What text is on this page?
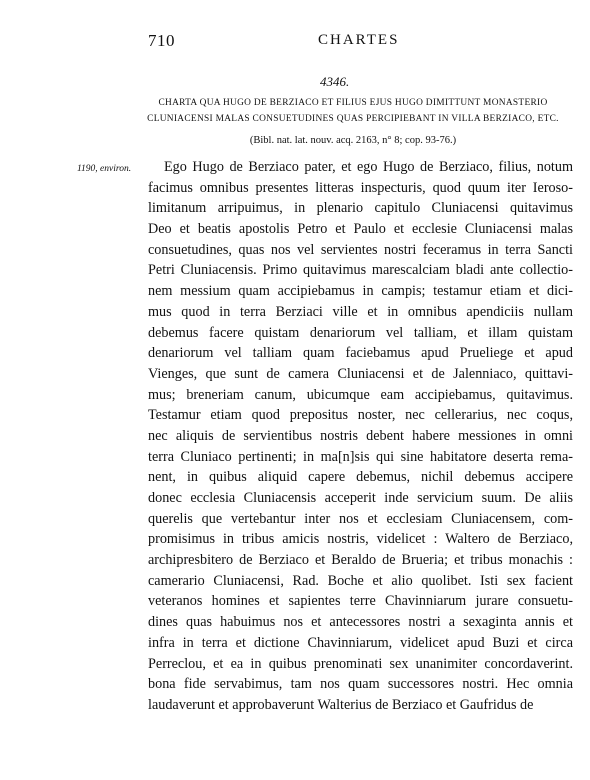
710	CHARTES
4346.
CHARTA QUA HUGO DE BERZIACO ET FILIUS EJUS HUGO DIMITTUNT MONASTERIO
CLUNIACENSI MALAS CONSUETUDINES QUAS PERCIPIEBANT IN VILLA BERZIACO, ETC.
(Bibl. nat. lat. nouv. acq. 2163, n° 8; cop. 93-76.)
1190, environ.	Ego Hugo de Berziaco pater, et ego Hugo de Berziaco, filius, notum
facimus omnibus presentes litteras inspecturis, quod quum iter Ieroso-
limitanum arripuimus, in plenario capitulo Cluniacensi quitavimus
Deo et beatis apostolis Petro et Paulo et ecclesie Cluniacensi malas
consuetudines, quas nos vel servientes nostri feceramus in terra Sancti
Petri Cluniacensis. Primo quitavimus marescalciam bladi ante collectio-
nem messium quam accipiebamus in campis; testamur etiam et dici-
mus quod in terra Berziaci ville et in omnibus apendiciis nullam
debemus facere quistam denariorum vel talliam, et illam quistam
denariorum vel talliam quam faciebamus apud Prueliege et apud
Vienges, que sunt de camera Cluniacensi et de Jalenniaco, quittavi-
mus; breneriam canum, ubicumque eam accipiebamus, quitavimus.
Testamur etiam quod prepositus noster, nec cellerarius, nec coqus,
nec aliquis de servientibus nostris debent habere messiones in omni
terra Cluniaco pertinenti; in ma[n]sis qui sine habitatore deserta rema-
nent, in quibus aliquid capere debemus, nichil debemus accipere
donec ecclesia Cluniacensis acceperit inde servicium suum. De aliis
querelis que vertebantur inter nos et ecclesiam Cluniacensem, com-
promisimus in tribus amicis nostris, videlicet : Waltero de Berziaco,
archipresbitero de Berziaco et Beraldo de Brueria; et tribus monachis :
camerario Cluniacensi, Rad. Boche et alio quolibet. Isti sex facient
veteranos homines et sapientes terre Chavinniarum jurare consuetu-
dines quas habuimus nos et antecessores nostri a sexaginta annis et
infra in terra et dictione Chavinniarum, videlicet apud Buzi et circa
Perreclou, et ea in quibus prenominati sex unanimiter concordaverint.
bona fide servabimus, tam nos quam successores nostri. Hec omnia
laudaverunt et approbaverunt Walterius de Berziaco et Gaufridus de
